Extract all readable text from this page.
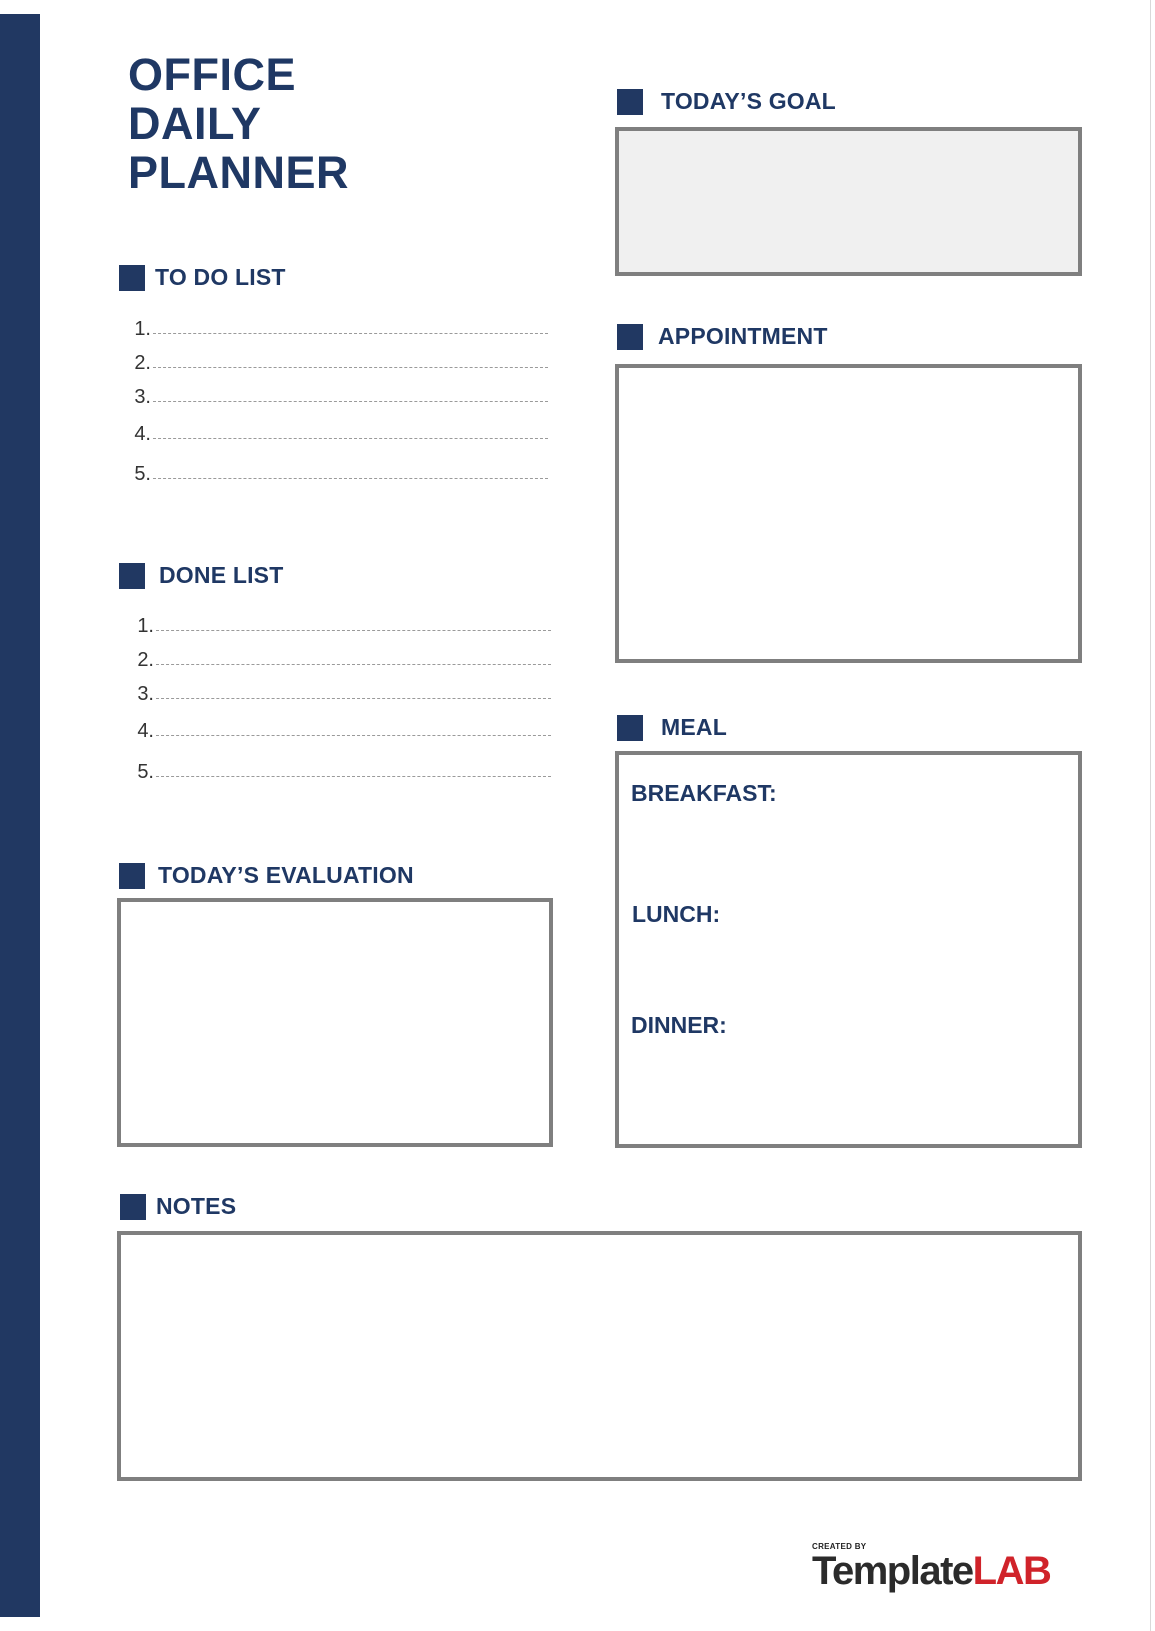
OFFICE
DAILY
PLANNER
TO DO LIST
1.
2.
3.
4.
5.
DONE LIST
1.
2.
3.
4.
5.
TODAY’S EVALUATION
NOTES
TODAY’S GOAL
APPOINTMENT
MEAL
BREAKFAST:
LUNCH:
DINNER:
CREATED BY
TemplateLAB
